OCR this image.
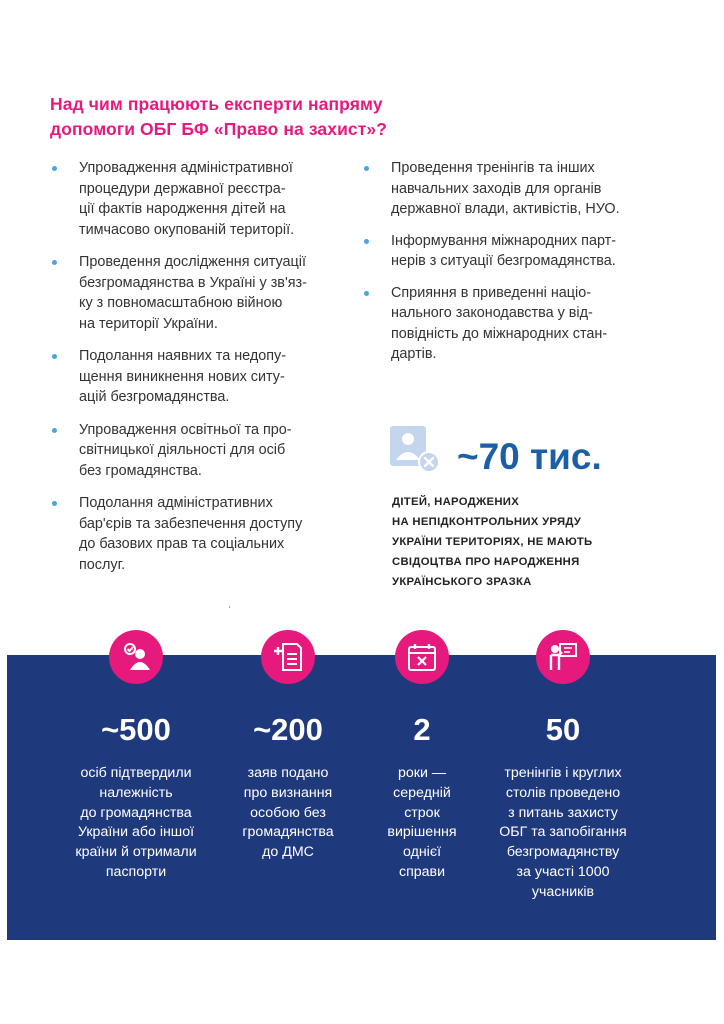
Над чим працюють експерти напряму
допомоги ОБГ БФ «Право на захист»?
Упровадження адміністративної
процедури державної реєстра-
ції фактів народження дітей на
тимчасово окупованій території.
Проведення дослідження ситуації
безгромадянства в Україні у зв'яз-
ку з повномасштабною війною
на території України.
Подолання наявних та недопу-
щення виникнення нових ситу-
ацій безгромадянства.
Упровадження освітньої та про-
світницької діяльності для осіб
без громадянства.
Подолання адміністративних
бар'єрів та забезпечення доступу
до базових прав та соціальних
послуг.
Проведення тренінгів та інших
навчальних заходів для органів
державної влади, активістів, НУО.
Інформування міжнародних парт-
нерів з ситуації безгромадянства.
Сприяння в приведенні націо-
нального законодавства у від-
повідність до міжнародних стан-
дартів.
~70 тис.
ДІТЕЙ, НАРОДЖЕНИХ
НА НЕПІДКОНТРОЛЬНИХ УРЯДУ
УКРАЇНИ ТЕРИТОРІЯХ, НЕ МАЮТЬ
СВІДОЦТВА ПРО НАРОДЖЕННЯ
УКРАЇНСЬКОГО ЗРАЗКА
~500
осіб підтвердили
належність
до громадянства
України або іншої
країни й отримали
паспорти
~200
заяв подано
про визнання
особою без
громадянства
до ДМС
2
роки —
середній
строк
вирішення
однієї
справи
50
тренінгів і круглих
столів проведено
з питань захисту
ОБГ та запобігання
безгромадянству
за участі 1000
учасників
